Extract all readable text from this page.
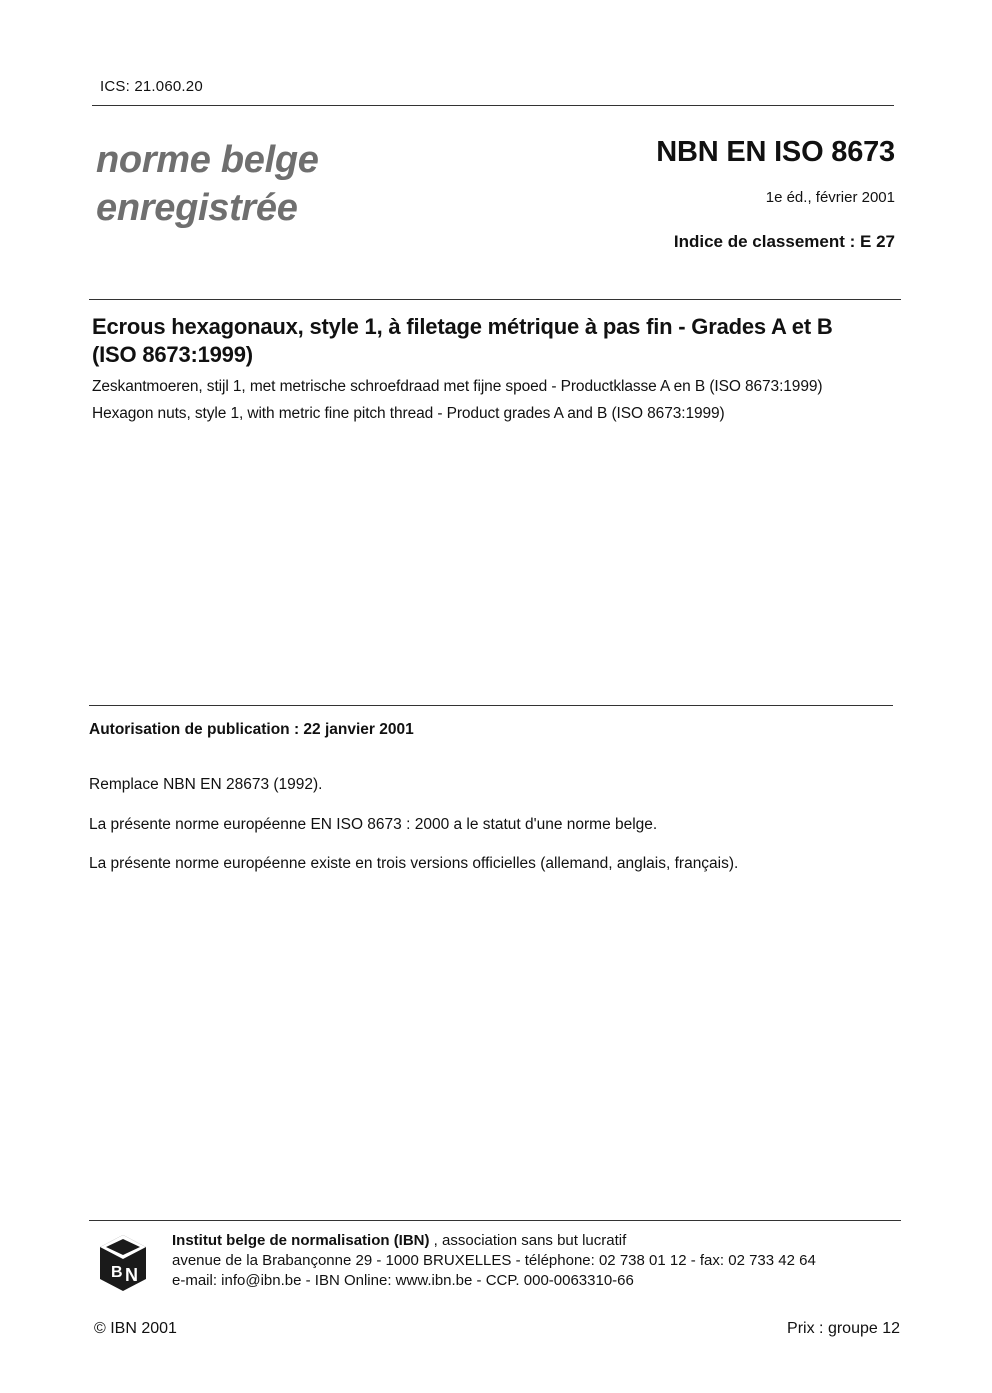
ICS: 21.060.20
norme belge
enregistrée
NBN EN ISO 8673
1e éd., février 2001
Indice de classement : E 27
Ecrous hexagonaux, style 1, à filetage métrique à pas fin - Grades A et B
(ISO 8673:1999)
Zeskantmoeren, stijl 1, met metrische schroefdraad met fijne spoed - Productklasse A en B (ISO 8673:1999)
Hexagon nuts, style 1, with metric fine pitch thread - Product grades A and B (ISO 8673:1999)
Autorisation de publication : 22 janvier 2001
Remplace NBN EN 28673 (1992).
La présente norme européenne EN ISO 8673 : 2000 a le statut d'une norme belge.
La présente norme européenne existe en trois versions officielles (allemand, anglais, français).
B N
Institut belge de normalisation (IBN) , association sans but lucratif
avenue de la Brabançonne 29 - 1000 BRUXELLES - téléphone: 02 738 01 12 - fax: 02 733 42 64
e-mail: info@ibn.be - IBN Online: www.ibn.be - CCP. 000-0063310-66
© IBN 2001	Prix : groupe 12
